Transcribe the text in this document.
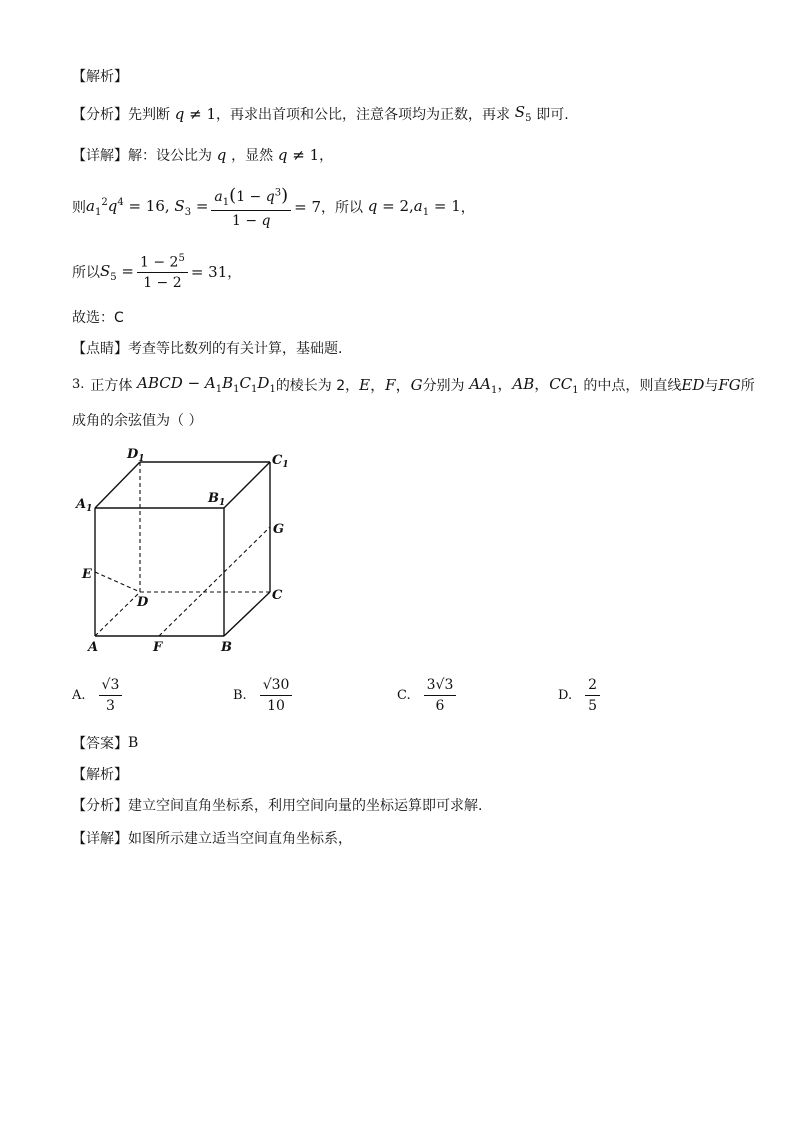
【解析】
【分析】 先判断 q ≠ 1 ，再求出首项和公比，注意各项均为正数，再求 $S_5$ 即可.
【详解】 解：设公比为 q ，显然 q ≠ 1 ，
则 $a_1^2q^4 = 16$, $S_3 = \frac{a_1(1 - q^3)}{1 - q} = 7$ ，所以 $q = 2,a_1 = 1$ ，
所以 $S_5 = \frac{1 - 2^5}{1 - 2} = 31$ ，
故选：C
【点睛】 考查等比数列的有关计算，基础题.
3. 正方体 ABCD − $A_1B_1C_1D_1$ 的棱长为 2， E，F，G 分别为 $AA_1$，AB，$CC_1$ 的中点，则直线 ED 与 FG 所
成角的余弦值为（ ）
$D_1$	$C_1$
$A_1$
$B_1$
G
E
D	C
A	F	B
A. $\frac{√3}{3}$	B. $\frac{√30}{10}$	C. $\frac{3√3}{6}$	D. $\frac{2}{5}$
【答案】 B
【解析】
【分析】 建立空间直角坐标系，利用空间向量的坐标运算即可求解.
【详解】 如图所示建立适当空间直角坐标系，
